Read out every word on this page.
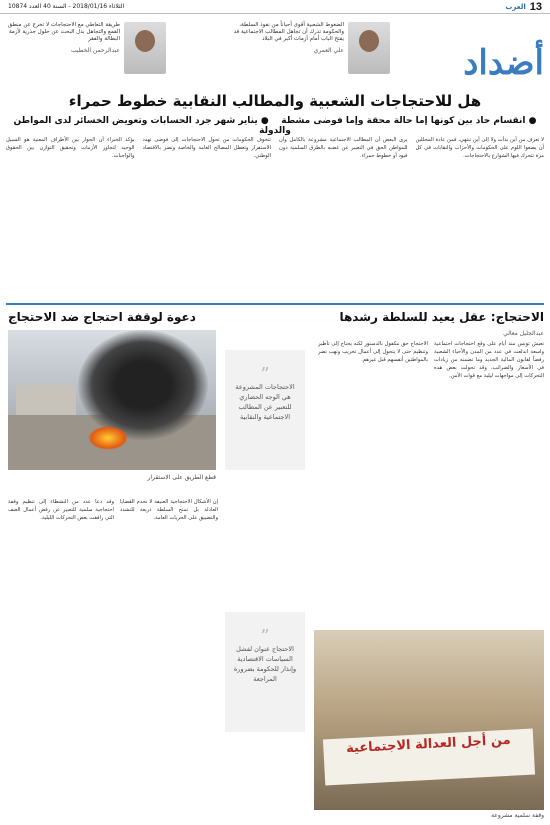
13
العرب
الثلاثاء 2018/01/16 - السنة 40 العدد 10874
أضداد
الضغوط الشعبية أقوى أحياناً من نفوذ السلطة، والحكومة تدرك أن تجاهل المطالب الاجتماعية قد يفتح الباب أمام أزمات أكبر في البلاد
علي العمري
طريقة التعاطي مع الاحتجاجات لا تخرج عن منطق القمع والتجاهل بدل البحث عن حلول جذرية لأزمة البطالة والفقر
عبدالرحمن الخطيب
هل للاحتجاجات الشعبية والمطالب النقابية خطوط حمراء
● انقسام حاد بين كونها إما حالة محقة وإما فوضى مشطة    ● يناير شهر جرد الحسابات وتعويض الخسائر لدى المواطن والدولة
لا تعرف من أين بدأت ولا إلى أين تنتهي، فمن عادة المحللين أن يضعوا اللوم على الحكومات والأحزاب والنقابات في كل مرة تتحرك فيها الشوارع بالاحتجاجات.
يرى البعض أن المطالب الاجتماعية مشروعة بالكامل وأن للمواطن الحق في التعبير عن غضبه بالطرق السلمية دون قيود أو خطوط حمراء.
تتخوف الحكومات من تحول الاحتجاجات إلى فوضى تهدد الاستقرار وتعطل المصالح العامة والخاصة وتضر بالاقتصاد الوطني.
يؤكد الخبراء أن الحوار بين الأطراف المعنية هو السبيل الوحيد لتجاوز الأزمات وتحقيق التوازن بين الحقوق والواجبات.
الاحتجاج: عقل يعيد للسلطة رشدها
دعوة لوقفة احتجاج ضد الاحتجاج
عبدالجليل معالي
قطع الطريق على الاستقرار
”
الاحتجاجات المشروعة هي الوجه الحضاري للتعبير عن المطالب الاجتماعية والنقابية
”
الاحتجاج عنوان لفشل السياسات الاقتصادية وإنذار للحكومة بضرورة المراجعة
تعيش تونس منذ أيام على وقع احتجاجات اجتماعية واسعة اندلعت في عدد من المدن والأحياء الشعبية رفضاً لقانون المالية الجديد وما تضمنه من زيادات في الأسعار والضرائب، وقد تحولت بعض هذه التحركات إلى مواجهات ليلية مع قوات الأمن.
الاحتجاج حق مكفول بالدستور لكنه يحتاج إلى تأطير وتنظيم حتى لا يتحول إلى أعمال تخريب ونهب تضر بالمواطنين أنفسهم قبل غيرهم.
إن الأشكال الاحتجاجية العنيفة لا تخدم القضايا العادلة بل تمنح السلطة ذريعة للتشدد والتضييق على الحريات العامة.
وقد دعا عدد من النشطاء إلى تنظيم وقفة احتجاجية سلمية للتعبير عن رفض أعمال العنف التي رافقت بعض التحركات الليلية.
من أجل العدالة الاجتماعية
وقفة سلمية مشروعة
